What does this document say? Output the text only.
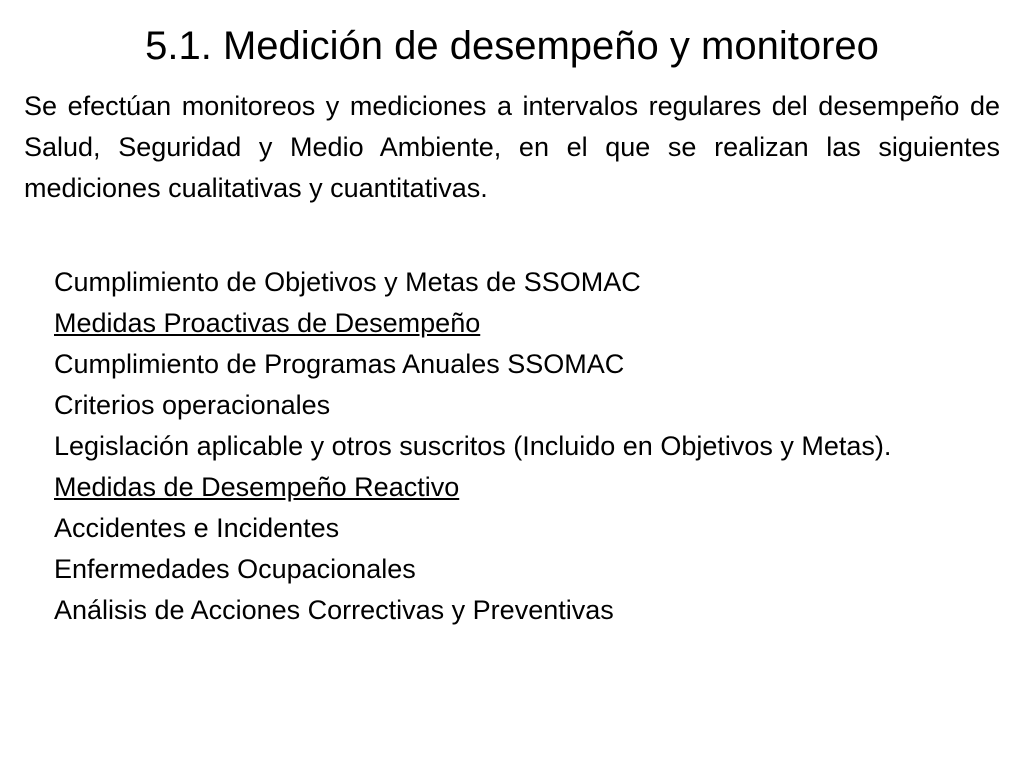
5.1. Medición de desempeño y monitoreo

Se efectúan monitoreos y mediciones a intervalos regulares del desempeño de Salud, Seguridad y Medio Ambiente, en el que se realizan las siguientes mediciones cualitativas y cuantitativas.

Cumplimiento de Objetivos y Metas de SSOMAC
Medidas Proactivas de Desempeño
Cumplimiento de Programas Anuales SSOMAC
Criterios operacionales
Legislación aplicable y otros suscritos (Incluido en Objetivos y Metas).
Medidas de Desempeño Reactivo
Accidentes e Incidentes
Enfermedades Ocupacionales
Análisis de Acciones Correctivas y Preventivas
